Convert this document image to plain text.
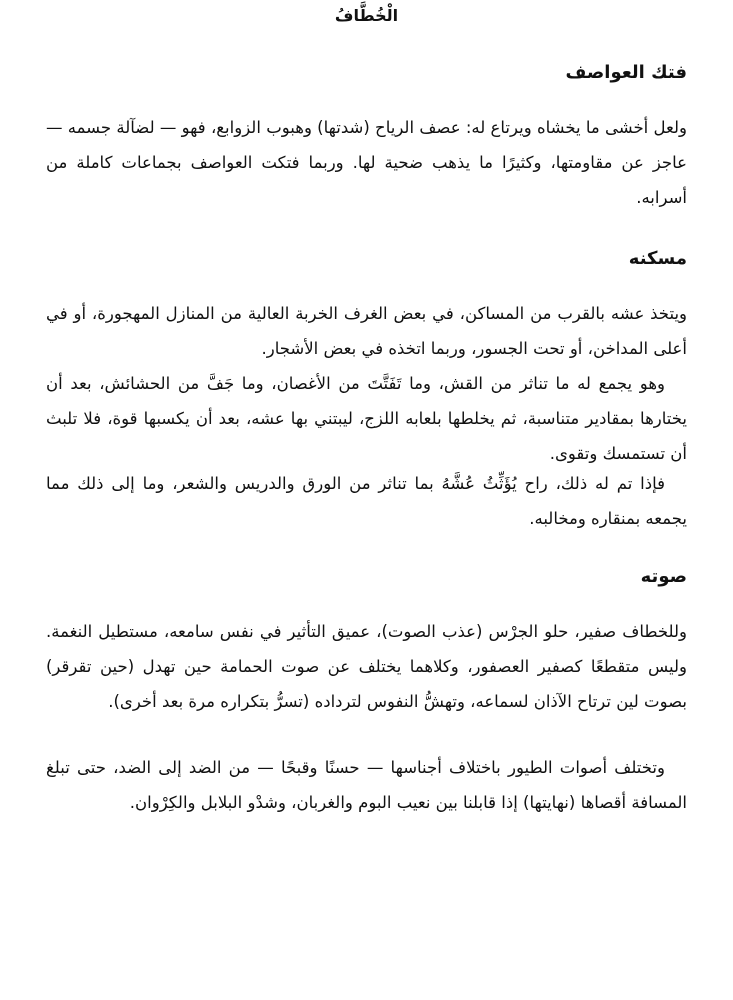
الْخُطَّافُ
فتك العواصف

ولعل أخشى ما يخشاه ويرتاع له: عصف الرياح (شدتها) وهبوب الزوابع، فهو — لضآلة جسمه — عاجز عن مقاومتها، وكثيرًا ما يذهب ضحية لها. وربما فتكت العواصف بجماعات كاملة من أسرابه.

مسكنه

ويتخذ عشه بالقرب من المساكن، في بعض الغرف الخربة العالية من المنازل المهجورة، أو في أعلى المداخن، أو تحت الجسور، وربما اتخذه في بعض الأشجار.

وهو يجمع له ما تناثر من القش، وما تَفَتَّتَ من الأغصان، وما جَفَّ من الحشائش، بعد أن يختارها بمقادير متناسبة، ثم يخلطها بلعابه اللزج، ليبتني بها عشه، بعد أن يكسبها قوة، فلا تلبث أن تستمسك وتقوى.

فإذا تم له ذلك، راح يُؤَثِّثُ عُشَّهُ بما تناثر من الورق والدريس والشعر، وما إلى ذلك مما يجمعه بمنقاره ومخالبه.

صوته

وللخطاف صفير، حلو الجرْس (عذب الصوت)، عميق التأثير في نفس سامعه، مستطيل النغمة. وليس متقطعًا كصفير العصفور، وكلاهما يختلف عن صوت الحمامة حين تهدل (حين تقرقر) بصوت لين ترتاح الآذان لسماعه، وتهشُّ النفوس لترداده (تسرُّ بتكراره مرة بعد أخرى).

وتختلف أصوات الطيور باختلاف أجناسها — حسنًا وقبحًا — من الضد إلى الضد، حتى تبلغ المسافة أقصاها (نهايتها) إذا قابلنا بين نعيب البوم والغربان، وشدْو البلابل والكِرْوان.
